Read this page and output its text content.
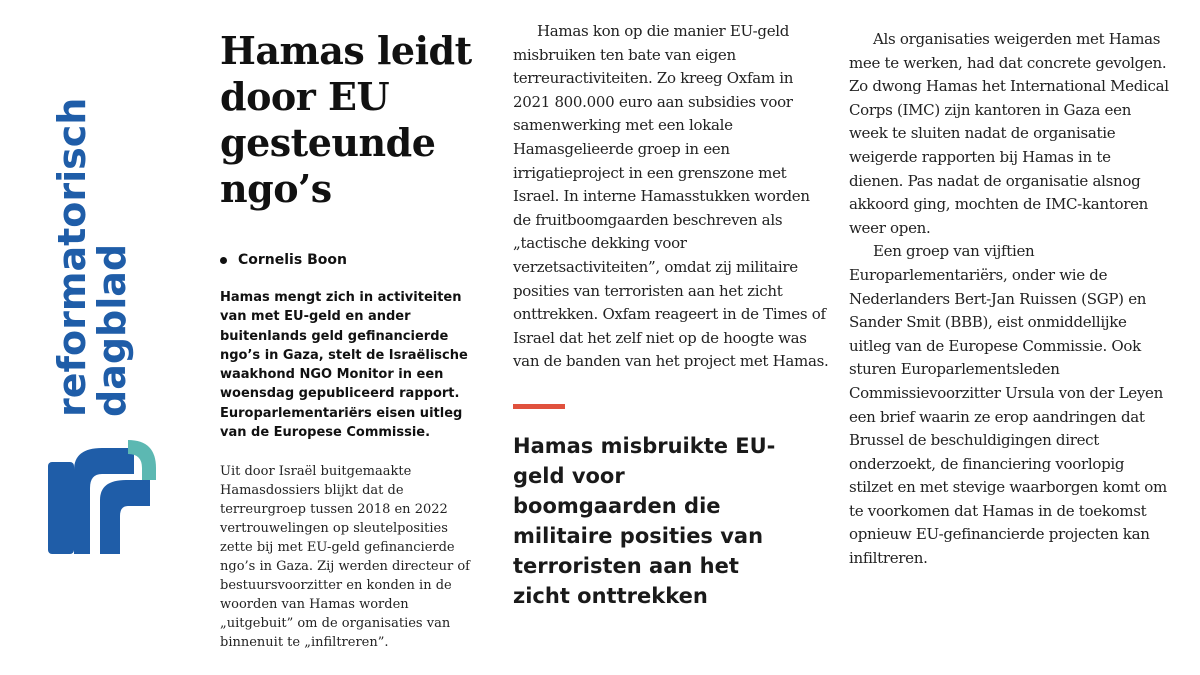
reformatorisch
dagblad
Hamas leidt door EU gesteunde ngo’s
Cornelis Boon
Hamas mengt zich in activiteiten van met EU-geld en ander buitenlands geld gefinancierde ngo’s in Gaza, stelt de Israëlische waakhond NGO Monitor in een woensdag gepubliceerd rapport. Europarlementariërs eisen uitleg van de Europese Commissie.
Uit door Israël buitgemaakte Hamasdossiers blijkt dat de terreurgroep tussen 2018 en 2022 vertrouwelingen op sleutelposities zette bij met EU-geld gefinancierde ngo’s in Gaza. Zij werden directeur of bestuursvoorzitter en konden in de woorden van Hamas worden „uitgebuit” om de organisaties van binnenuit te „infiltreren”.

Hamas kon op die manier EU-geld misbruiken ten bate van eigen terreuractiviteiten. Zo kreeg Oxfam in 2021 800.000 euro aan subsidies voor samenwerking met een lokale Hamasgelieerde groep in een irrigatieproject in een grenszone met Israel. In interne Hamasstukken worden de fruitboomgaarden beschreven als „tactische dekking voor verzetsactiviteiten”, omdat zij militaire posities van terroristen aan het zicht onttrekken. Oxfam reageert in de Times of Israel dat het zelf niet op de hoogte was van de banden van het project met Hamas.

Hamas misbruikte EU-geld voor boomgaarden die militaire posities van terroristen aan het zicht onttrekken

Als organisaties weigerden met Hamas mee te werken, had dat concrete gevolgen. Zo dwong Hamas het International Medical Corps (IMC) zijn kantoren in Gaza een week te sluiten nadat de organisatie weigerde rapporten bij Hamas in te dienen. Pas nadat de organisatie alsnog akkoord ging, mochten de IMC-kantoren weer open.

Een groep van vijftien Europarlementariërs, onder wie de Nederlanders Bert-Jan Ruissen (SGP) en Sander Smit (BBB), eist onmiddellijke uitleg van de Europese Commissie. Ook sturen Europarlementsleden Commissievoorzitter Ursula von der Leyen een brief waarin ze erop aandringen dat Brussel de beschuldigingen direct onderzoekt, de financiering voorlopig stilzet en met stevige waarborgen komt om te voorkomen dat Hamas in de toekomst opnieuw EU-gefinancierde projecten kan infiltreren.
